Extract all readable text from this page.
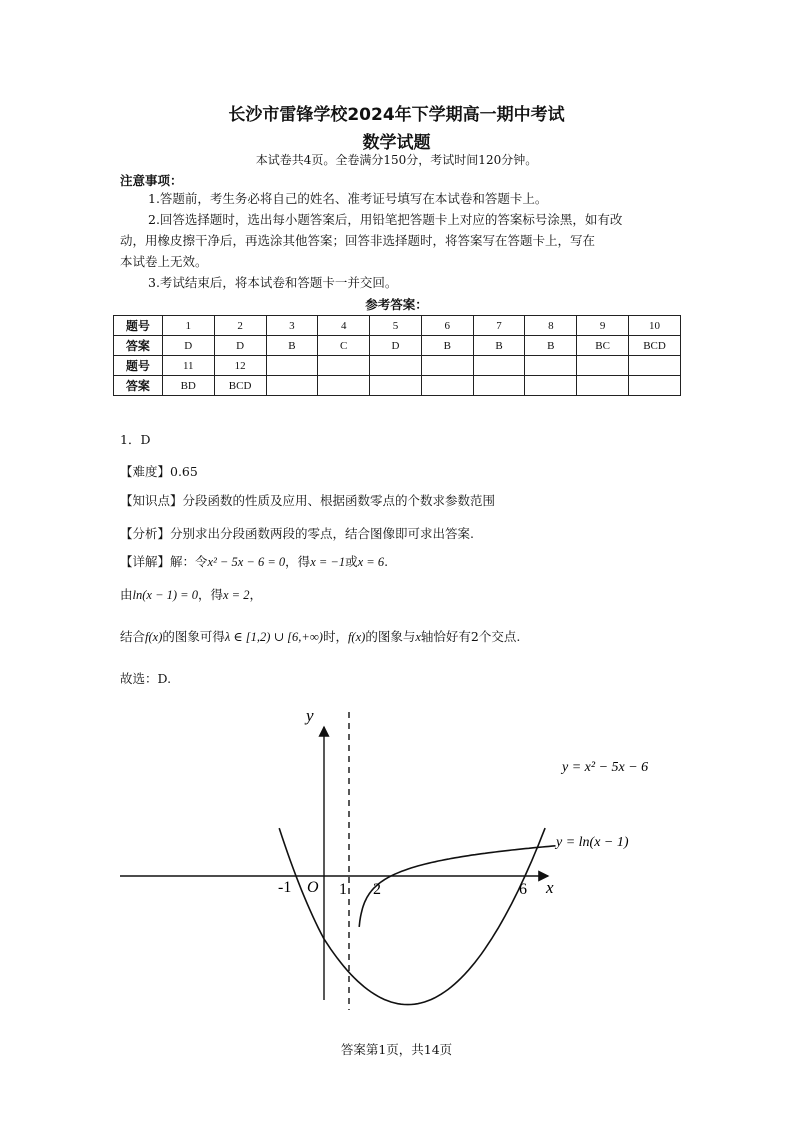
长沙市雷锋学校2024年下学期高一期中考试
数学试题
本试卷共4页。全卷满分150分，考试时间120分钟。
注意事项：
1.答题前，考生务必将自己的姓名、准考证号填写在本试卷和答题卡上。
2.回答选择题时，选出每小题答案后，用铅笔把答题卡上对应的答案标号涂黑，如有改
动，用橡皮擦干净后，再选涂其他答案；回答非选择题时，将答案写在答题卡上，写在
本试卷上无效。
3.考试结束后，将本试卷和答题卡一并交回。
参考答案：
题号	1	2	3	4	5	6	7	8	9	10
答案	D	D	B	C	D	B	B	B	BC	BCD
题号	11	12								
答案	BD	BCD								
1．D
【难度】0.65
【知识点】分段函数的性质及应用、根据函数零点的个数求参数范围
【分析】分别求出分段函数两段的零点，结合图像即可求出答案.
【详解】解：令x² − 5x − 6 = 0，得x = −1或x = 6.
由ln(x − 1) = 0，得x = 2，
结合f(x)的图象可得λ ∈ [1,2) ∪ [6,+∞)时，f(x)的图象与x轴恰好有2个交点.
故选：D.
y
x
O
-1	1 2	6
y = x² − 5x − 6
y = ln(x − 1)
答案第1页，共14页
